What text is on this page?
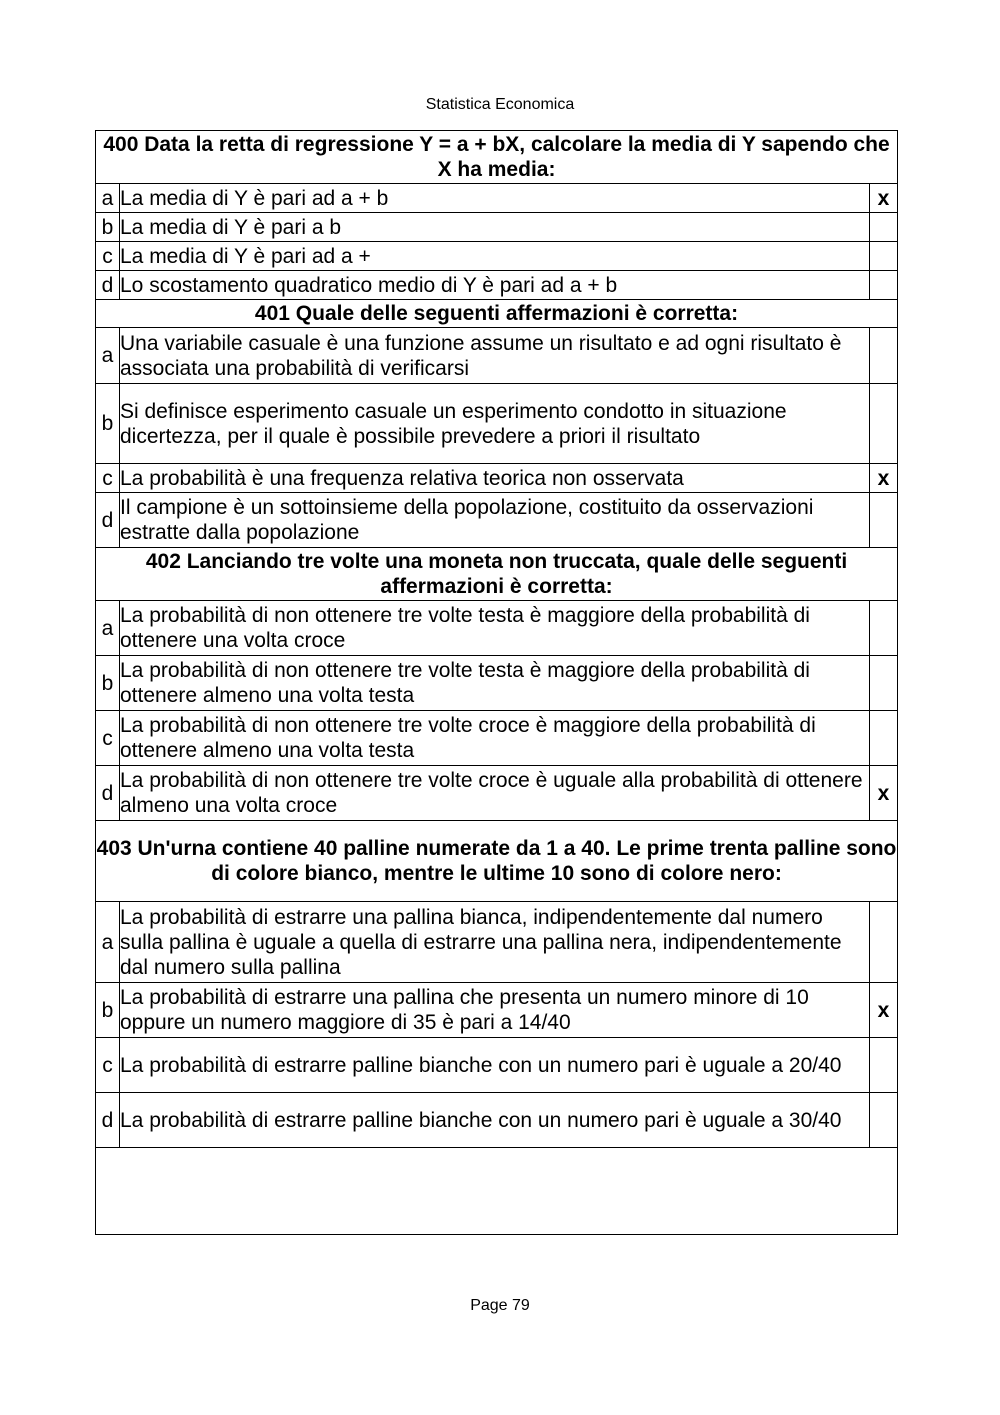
Statistica Economica
400 Data la retta di regressione Y = a + bX, calcolare la media di Y sapendo che X ha media:		
a	La media di Y è pari ad a + b	x
b	La media di Y è pari a b	
c	La media di Y è pari ad a +	
d	Lo scostamento quadratico medio di Y è pari ad a + b	
401 Quale delle seguenti affermazioni è corretta:		
a	Una variabile casuale è una funzione assume un risultato e ad ogni risultato è associata una probabilità di verificarsi	
b	Si definisce esperimento casuale un esperimento condotto in situazione dicertezza, per il quale è possibile prevedere a priori il risultato	
c	La probabilità è una frequenza relativa teorica non osservata	x
d	Il campione è un sottoinsieme della popolazione, costituito da osservazioni estratte dalla popolazione	
402 Lanciando tre volte una moneta non truccata, quale delle seguenti affermazioni è corretta:		
a	La probabilità di non ottenere tre volte testa è maggiore della probabilità di ottenere una volta croce	
b	La probabilità di non ottenere tre volte testa è maggiore della probabilità di ottenere almeno una volta testa	
c	La probabilità di non ottenere tre volte croce è maggiore della probabilità di ottenere almeno una volta testa	
d	La probabilità di non ottenere tre volte croce è uguale alla probabilità di ottenere almeno una volta croce	x
403 Un'urna contiene 40 palline numerate da 1 a 40. Le prime trenta palline sono di colore bianco, mentre le ultime 10 sono di colore nero:		
a	La probabilità di estrarre una pallina bianca, indipendentemente dal numero sulla pallina è uguale a quella di estrarre una pallina nera, indipendentemente dal numero sulla pallina	
b	La probabilità di estrarre una pallina che presenta un numero minore di 10 oppure un numero maggiore di 35 è pari a 14/40	x
c	La probabilità di estrarre palline bianche con un numero pari è uguale a 20/40	
d	La probabilità di estrarre palline bianche con un numero pari è uguale a 30/40	

Page 79
